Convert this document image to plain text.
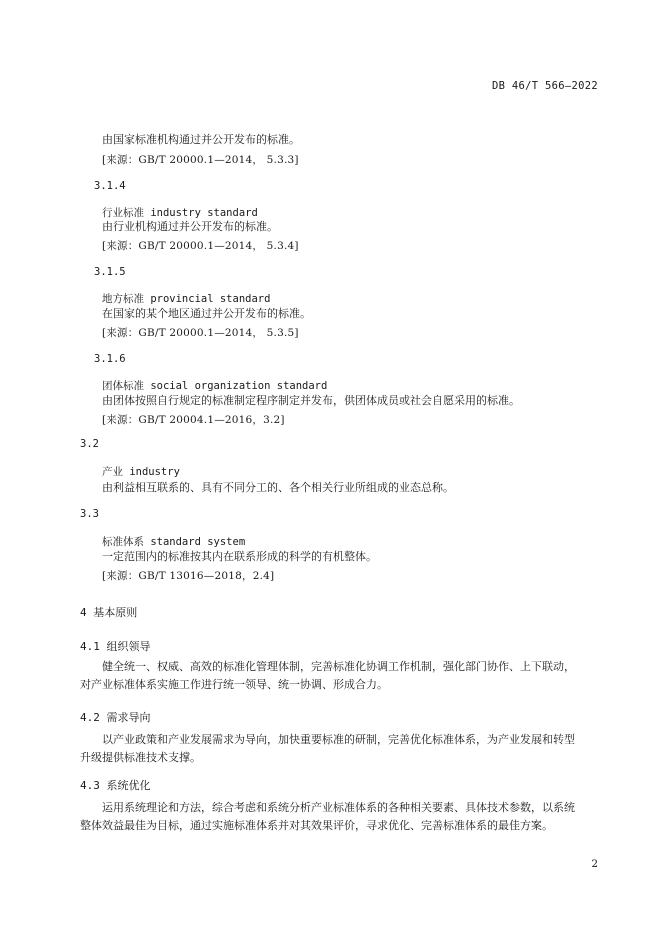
DB 46/T 566—2022
由国家标准机构通过并公开发布的标准。
[来源：GB/T 20000.1—2014， 5.3.3]
3.1.4
行业标准 industry standard
由行业机构通过并公开发布的标准。
[来源：GB/T 20000.1—2014， 5.3.4]
3.1.5
地方标准 provincial standard
在国家的某个地区通过并公开发布的标准。
[来源：GB/T 20000.1—2014， 5.3.5]
3.1.6
团体标准 social organization standard
由团体按照自行规定的标准制定程序制定并发布，供团体成员或社会自愿采用的标准。
[来源：GB/T 20004.1—2016，3.2]
3.2
产业 industry
由利益相互联系的、具有不同分工的、各个相关行业所组成的业态总称。
3.3
标准体系 standard system
一定范围内的标准按其内在联系形成的科学的有机整体。
[来源：GB/T 13016—2018，2.4]
4 基本原则
4.1 组织领导
健全统一、权威、高效的标准化管理体制，完善标准化协调工作机制，强化部门协作、上下联动，
对产业标准体系实施工作进行统一领导、统一协调、形成合力。
4.2 需求导向
以产业政策和产业发展需求为导向，加快重要标准的研制，完善优化标准体系，为产业发展和转型
升级提供标准技术支撑。
4.3 系统优化
运用系统理论和方法，综合考虑和系统分析产业标准体系的各种相关要素、具体技术参数，以系统
整体效益最佳为目标，通过实施标准体系并对其效果评价，寻求优化、完善标准体系的最佳方案。
2
